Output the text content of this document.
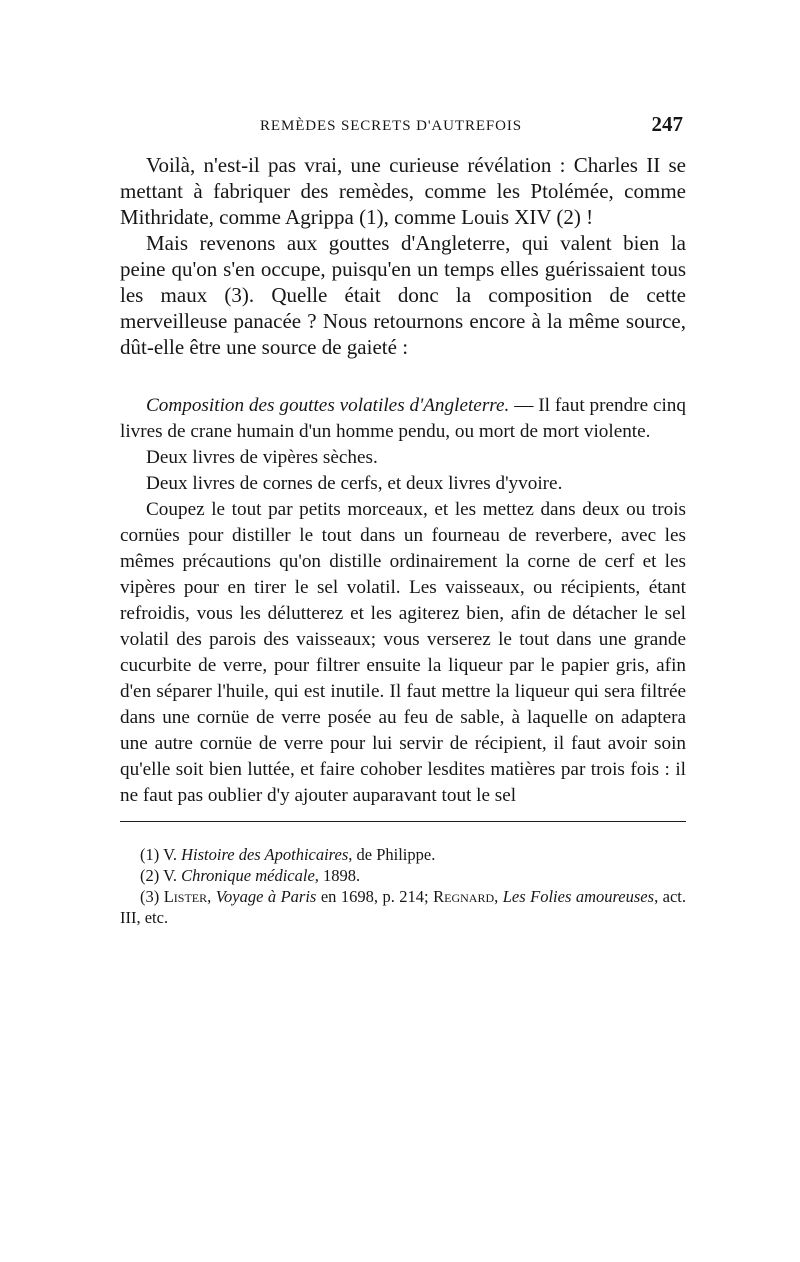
REMÈDES SECRETS D'AUTREFOIS	247

Voilà, n'est-il pas vrai, une curieuse révélation : Charles II se mettant à fabriquer des remèdes, comme les Ptolémée, comme Mithridate, comme Agrippa (1), comme Louis XIV (2) !

Mais revenons aux gouttes d'Angleterre, qui valent bien la peine qu'on s'en occupe, puisqu'en un temps elles guérissaient tous les maux (3). Quelle était donc la composition de cette merveilleuse panacée ? Nous retournons encore à la même source, dût-elle être une source de gaieté :

Composition des gouttes volatiles d'Angleterre. — Il faut prendre cinq livres de crane humain d'un homme pendu, ou mort de mort violente.

Deux livres de vipères sèches.

Deux livres de cornes de cerfs, et deux livres d'yvoire.

Coupez le tout par petits morceaux, et les mettez dans deux ou trois cornües pour distiller le tout dans un fourneau de reverbere, avec les mêmes précautions qu'on distille ordinairement la corne de cerf et les vipères pour en tirer le sel volatil. Les vaisseaux, ou récipients, étant refroidis, vous les délutterez et les agiterez bien, afin de détacher le sel volatil des parois des vaisseaux; vous verserez le tout dans une grande cucurbite de verre, pour filtrer ensuite la liqueur par le papier gris, afin d'en séparer l'huile, qui est inutile. Il faut mettre la liqueur qui sera filtrée dans une cornüe de verre posée au feu de sable, à laquelle on adaptera une autre cornüe de verre pour lui servir de récipient, il faut avoir soin qu'elle soit bien luttée, et faire cohober lesdites matières par trois fois : il ne faut pas oublier d'y ajouter auparavant tout le sel

(1) V. Histoire des Apothicaires, de Philippe.

(2) V. Chronique médicale, 1898.

(3) Lister, Voyage à Paris en 1698, p. 214; Regnard, Les Folies amoureuses, act. III, etc.
